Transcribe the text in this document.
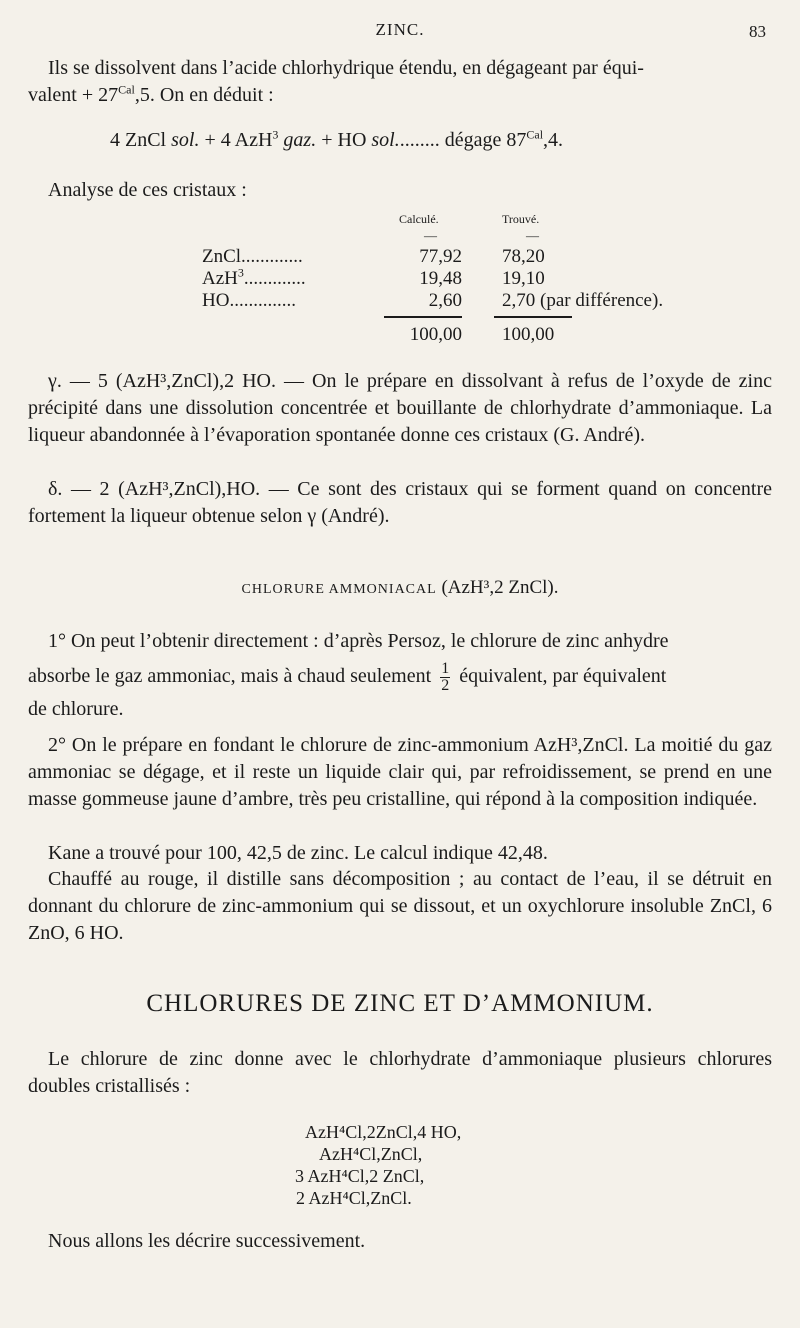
ZINC.	83
Ils se dissolvent dans l’acide chlorhydrique étendu, en dégageant par équi-
valent + $27^{Cal},5$. On en déduit :
4 ZnCl sol. + 4 AzH$^3$ gaz. + HO sol......... dégage $87^{Cal},4$.
Analyse de ces cristaux :
Calculé.	Trouvé.
—	—
ZnCl.............	77,92 78,20
AzH$^3$.............	19,48 19,10
HO..............	2,60 2,70 (par différence).
100,00 100,00
γ. — 5 (AzH³,ZnCl),2 HO. — On le prépare en dissolvant à refus de l’oxyde de zinc précipité dans une dissolution concentrée et bouillante de chlorhydrate d’ammoniaque. La liqueur abandonnée à l’évaporation spontanée donne ces cristaux (G. André).
δ. — 2 (AzH³,ZnCl),HO. — Ce sont des cristaux qui se forment quand on concentre fortement la liqueur obtenue selon γ (André).
CHLORURE AMMONIACAL (AzH³,2 ZnCl).
1° On peut l’obtenir directement : d’après Persoz, le chlorure de zinc anhydre
absorbe le gaz ammoniac, mais à chaud seulement $\frac{1}{2}$ équivalent, par équivalent
de chlorure.
2° On le prépare en fondant le chlorure de zinc-ammonium AzH³,ZnCl. La moitié du gaz ammoniac se dégage, et il reste un liquide clair qui, par refroidissement, se prend en une masse gommeuse jaune d’ambre, très peu cristalline, qui répond à la composition indiquée.
Kane a trouvé pour 100, 42,5 de zinc. Le calcul indique 42,48.
Chauffé au rouge, il distille sans décomposition ; au contact de l’eau, il se détruit en donnant du chlorure de zinc-ammonium qui se dissout, et un oxychlorure insoluble ZnCl, 6 ZnO, 6 HO.
CHLORURES DE ZINC ET D’AMMONIUM.
Le chlorure de zinc donne avec le chlorhydrate d’ammoniaque plusieurs chlorures doubles cristallisés :
AzH⁴Cl,2ZnCl,4 HO,
AzH⁴Cl,ZnCl,
3 AzH⁴Cl,2 ZnCl,
2 AzH⁴Cl,ZnCl.
Nous allons les décrire successivement.
